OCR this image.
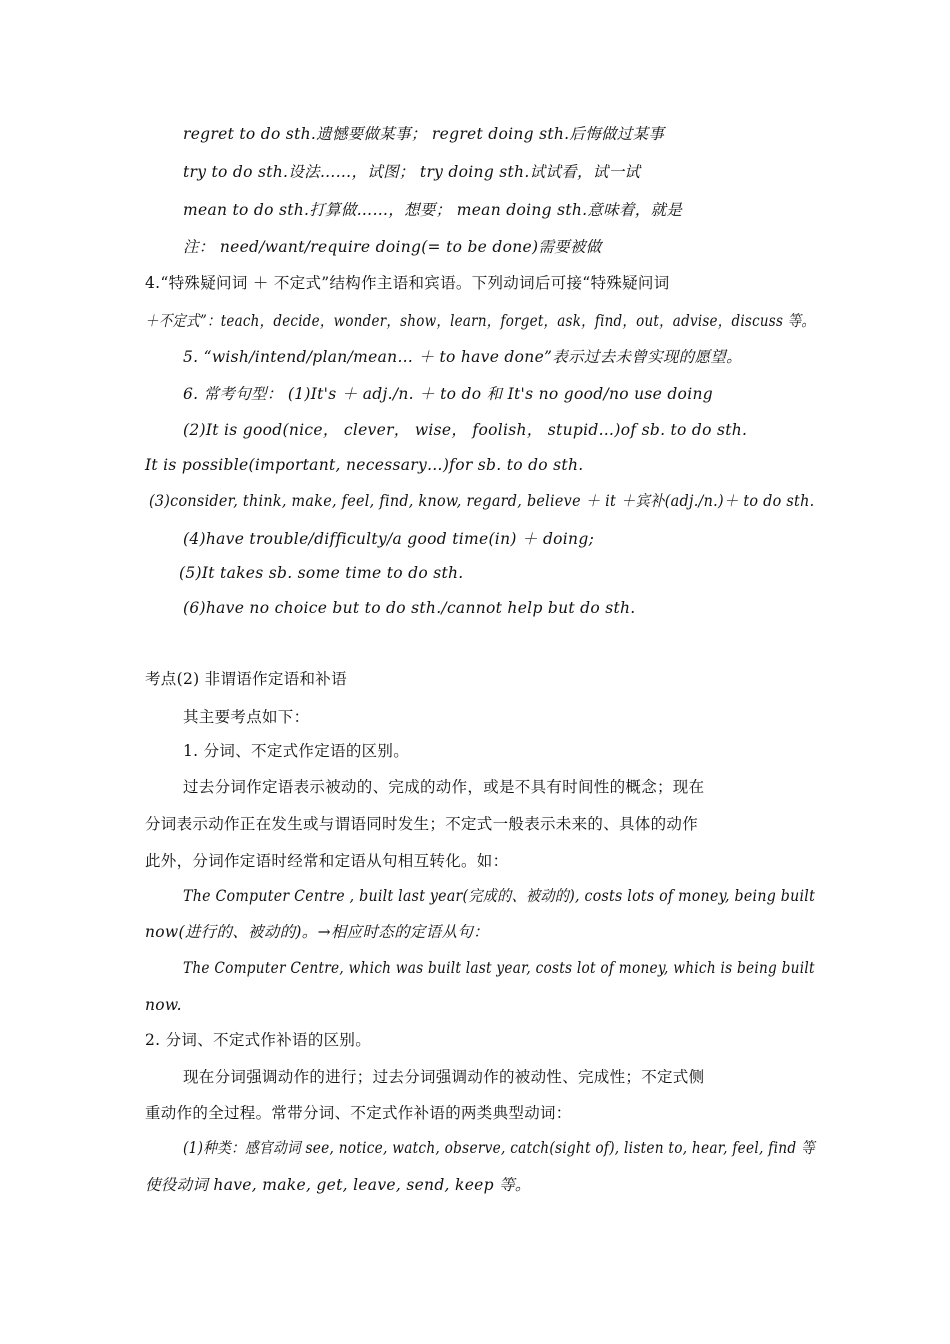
regret to do sth.遗憾要做某事； regret doing sth.后悔做过某事
try to do sth.设法……，试图； try doing sth.试试看，试一试
mean to do sth.打算做……，想要； mean doing sth.意味着，就是
注： need/want/require doing(= to be done)需要被做
4.“特殊疑问词 ＋ 不定式”结构作主语和宾语。下列动词后可接“特殊疑问词
＋不定式”：teach，decide，wonder，show，learn，forget，ask，find，out，advise，discuss 等。
5. “wish/intend/plan/mean… ＋ to have done”表示过去未曾实现的愿望。
6. 常考句型： (1)It's ＋ adj./n. ＋ to do 和 It's no good/no use doing
(2)It is good(nice， clever， wise， foolish， stupid…)of sb. to do sth.
It is possible(important, necessary…)for sb. to do sth.
(3)consider, think, make, feel, find, know, regard, believe ＋ it ＋宾补(adj./n.)＋ to do sth.
(4)have trouble/difficulty/a good time(in) ＋ doing;
(5)It takes sb. some time to do sth.
(6)have no choice but to do sth./cannot help but do sth.
考点(2) 非谓语作定语和补语
其主要考点如下：
1. 分词、不定式作定语的区别。
过去分词作定语表示被动的、完成的动作，或是不具有时间性的概念；现在
分词表示动作正在发生或与谓语同时发生；不定式一般表示未来的、具体的动作
此外，分词作定语时经常和定语从句相互转化。如：
The Computer Centre , built last year(完成的、被动的), costs lots of money, being built
now(进行的、被动的)。→相应时态的定语从句：
The Computer Centre, which was built last year, costs lot of money, which is being built
now.
2. 分词、不定式作补语的区别。
现在分词强调动作的进行；过去分词强调动作的被动性、完成性；不定式侧
重动作的全过程。常带分词、不定式作补语的两类典型动词：
(1)种类：感官动词 see, notice, watch, observe, catch(sight of), listen to, hear, feel, find 等
使役动词 have, make, get, leave, send, keep 等。
